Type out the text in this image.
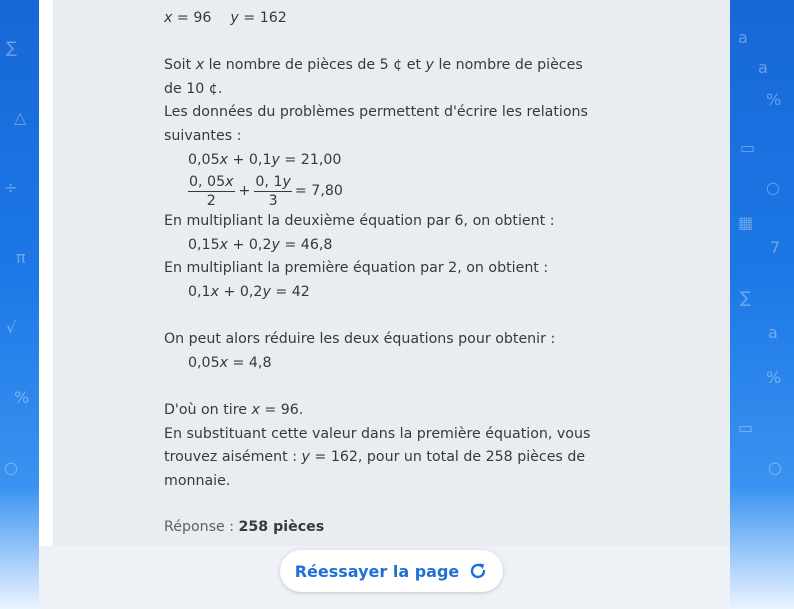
∑
△
÷
π
√
%
○
a
a
%
▭
○
▦
7
∑
a
%
▭
○
x = 96 y = 162
Soit x le nombre de pièces de 5 ¢ et y le nombre de pièces de 10 ¢.
Les données du problèmes permettent d'écrire les relations suivantes :
0,05x + 0,1y = 21,00
$\frac{0, 05x}{2} + \frac{0, 1y}{3} = 7,80$
En multipliant la deuxième équation par 6, on obtient :
0,15x + 0,2y = 46,8
En multipliant la première équation par 2, on obtient :
0,1x + 0,2y = 42
On peut alors réduire les deux équations pour obtenir :
0,05x = 4,8
D'où on tire x = 96.
En substituant cette valeur dans la première équation, vous trouvez aisément : y = 162, pour un total de 258 pièces de monnaie.
Réponse : 258 pièces
Réessayer la page
